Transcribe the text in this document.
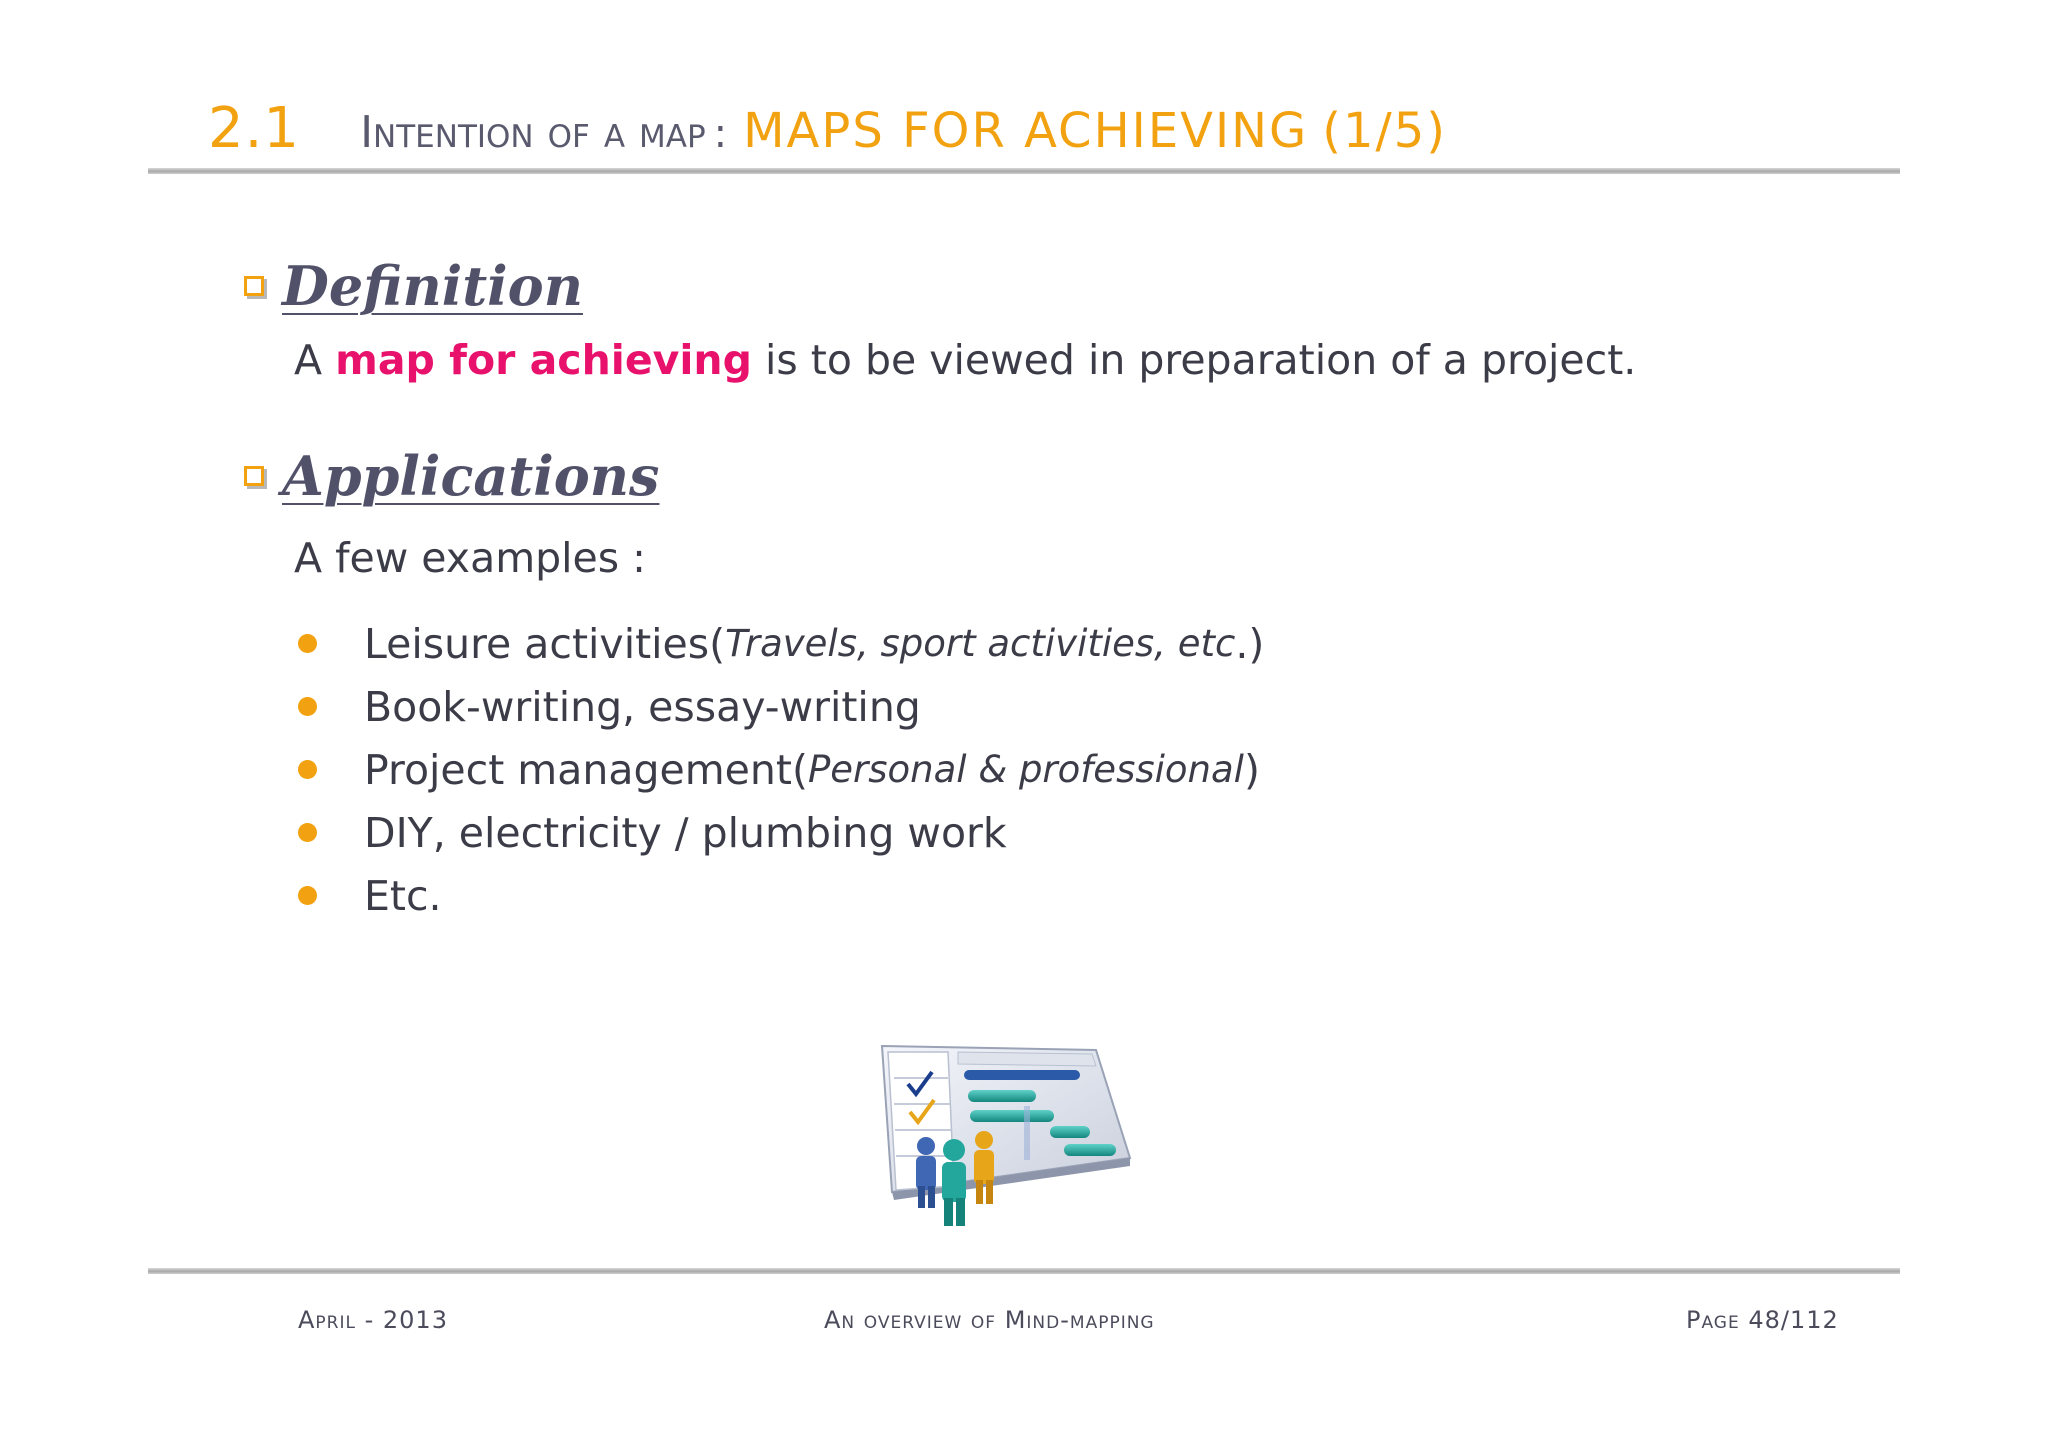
2.1 Intention of a map : MAPS FOR ACHIEVING (1/5)
Definition
A map for achieving is to be viewed in preparation of a project.
Applications
A few examples :
Leisure activities ( Travels, sport activities, etc .)
Book-writing, essay-writing
Project management ( Personal & professional )
DIY, electricity / plumbing work
Etc.
April - 2013	An overview of Mind-mapping	Page 48/112
